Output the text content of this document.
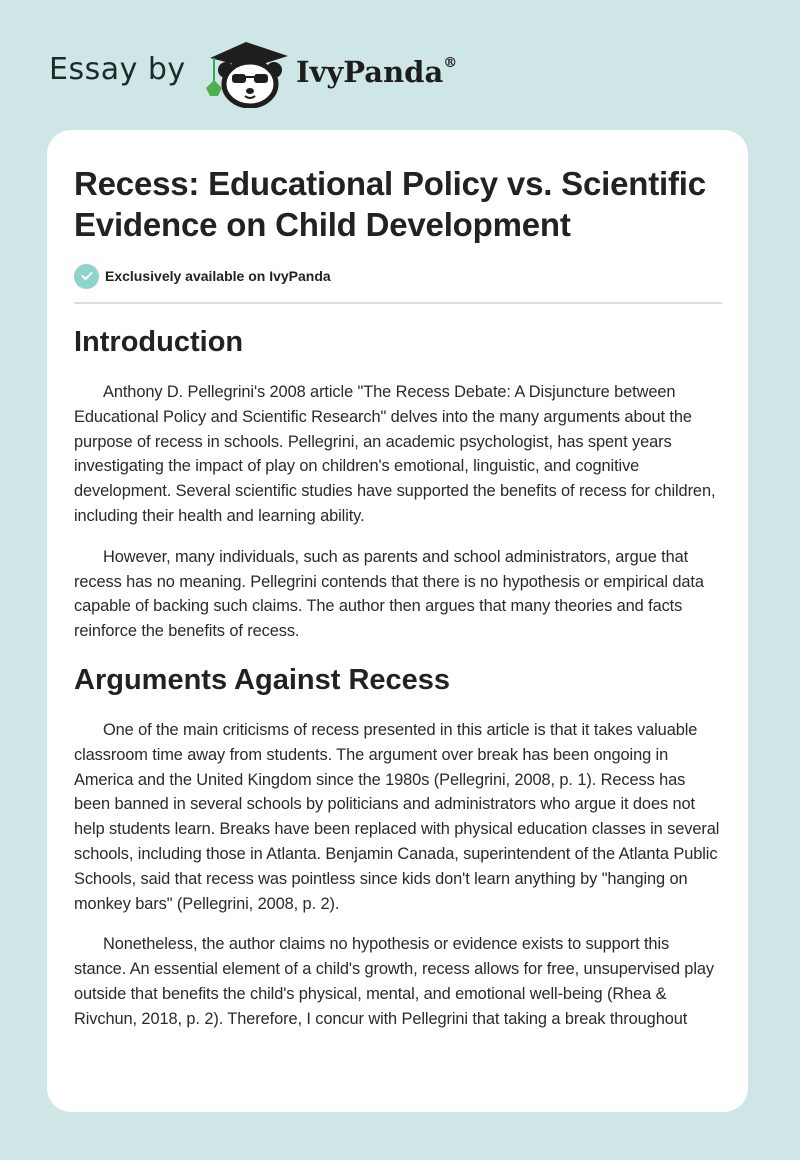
Essay by	IvyPanda®
Recess: Educational Policy vs. Scientific Evidence on Child Development
Exclusively available on IvyPanda
Introduction

Anthony D. Pellegrini's 2008 article "The Recess Debate: A Disjuncture between Educational Policy and Scientific Research" delves into the many arguments about the purpose of recess in schools. Pellegrini, an academic psychologist, has spent years investigating the impact of play on children's emotional, linguistic, and cognitive development. Several scientific studies have supported the benefits of recess for children, including their health and learning ability.

However, many individuals, such as parents and school administrators, argue that recess has no meaning. Pellegrini contends that there is no hypothesis or empirical data capable of backing such claims. The author then argues that many theories and facts reinforce the benefits of recess.

Arguments Against Recess

One of the main criticisms of recess presented in this article is that it takes valuable classroom time away from students. The argument over break has been ongoing in America and the United Kingdom since the 1980s (Pellegrini, 2008, p. 1). Recess has been banned in several schools by politicians and administrators who argue it does not help students learn. Breaks have been replaced with physical education classes in several schools, including those in Atlanta. Benjamin Canada, superintendent of the Atlanta Public Schools, said that recess was pointless since kids don't learn anything by "hanging on monkey bars" (Pellegrini, 2008, p. 2).

Nonetheless, the author claims no hypothesis or evidence exists to support this stance. An essential element of a child's growth, recess allows for free, unsupervised play outside that benefits the child's physical, mental, and emotional well-being (Rhea & Rivchun, 2018, p. 2). Therefore, I concur with Pellegrini that taking a break throughout
